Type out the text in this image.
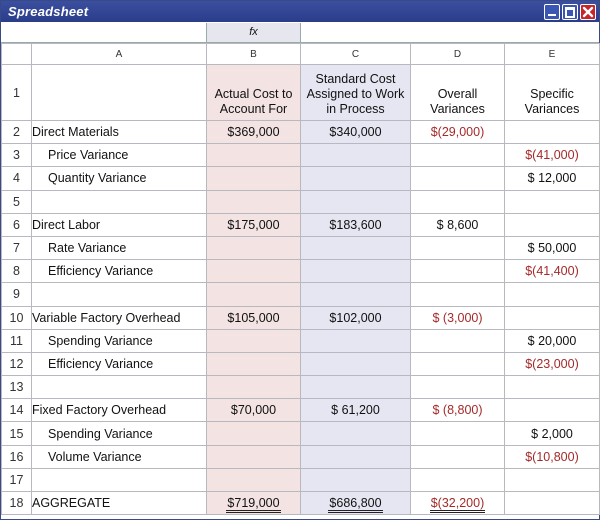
Spreadsheet
fx
	A	B	C	D	E
1		Actual Cost to Account For	Standard Cost Assigned to Work in Process	Overall Variances	Specific Variances
2	Direct Materials	$369,000	$340,000	$(29,000)	
3	Price Variance				$(41,000)
4	Quantity Variance				$ 12,000
5					
6	Direct Labor	$175,000	$183,600	$ 8,600	
7	Rate Variance				$ 50,000
8	Efficiency Variance				$(41,400)
9					
10	Variable Factory Overhead	$105,000	$102,000	$ (3,000)	
11	Spending Variance				$ 20,000
12	Efficiency Variance				$(23,000)
13					
14	Fixed Factory Overhead	$70,000	$ 61,200	$ (8,800)	
15	Spending Variance				$ 2,000
16	Volume Variance				$(10,800)
17					
18	AGGREGATE	$719,000	$686,800	$(32,200)	
